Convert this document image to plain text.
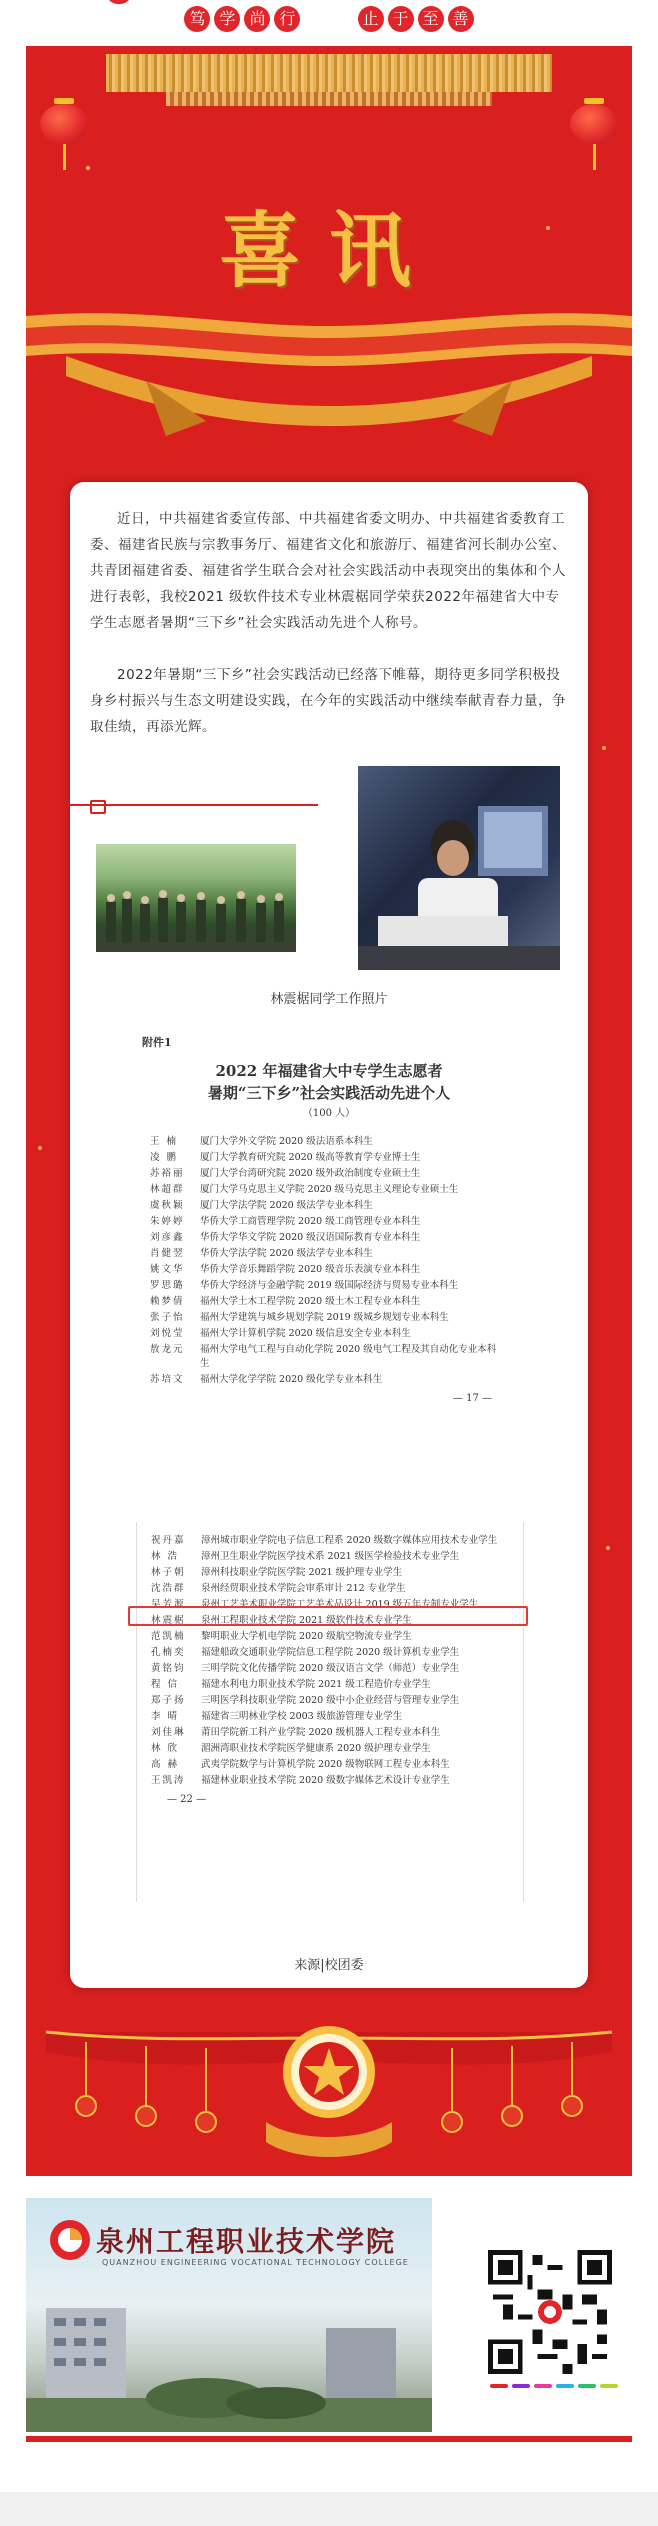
笃 学 尚 行	止 于 至 善
喜讯
近日，中共福建省委宣传部、中共福建省委文明办、中共福建省委教育工委、福建省民族与宗教事务厅、福建省文化和旅游厅、福建省河长制办公室、共青团福建省委、福建省学生联合会对社会实践活动中表现突出的集体和个人进行表彰，我校2021 级软件技术专业林震椐同学荣获2022年福建省大中专学生志愿者暑期“三下乡”社会实践活动先进个人称号。
2022年暑期“三下乡”社会实践活动已经落下帷幕，期待更多同学积极投身乡村振兴与生态文明建设实践，在今年的实践活动中继续奉献青春力量，争取佳绩，再添光辉。
林震椐同学工作照片
附件1
2022 年福建省大中专学生志愿者
暑期“三下乡”社会实践活动先进个人
（100 人）
王 楠	厦门大学外文学院 2020 级法语系本科生
凌 鹏	厦门大学教育研究院 2020 级高等教育学专业博士生
苏裕丽	厦门大学台湾研究院 2020 级外政治制度专业硕士生
林超群	厦门大学马克思主义学院 2020 级马克思主义理论专业硕士生
虞秋颖	厦门大学法学院 2020 级法学专业本科生
朱婷婷	华侨大学工商管理学院 2020 级工商管理专业本科生
刘彦鑫	华侨大学华文学院 2020 级汉语国际教育专业本科生
肖健翌	华侨大学法学院 2020 级法学专业本科生
姚文华	华侨大学音乐舞蹈学院 2020 级音乐表演专业本科生
罗思璐	华侨大学经济与金融学院 2019 级国际经济与贸易专业本科生
赖梦倩	福州大学土木工程学院 2020 级土木工程专业本科生
张子怡	福州大学建筑与城乡规划学院 2019 级城乡规划专业本科生
刘悦莹	福州大学计算机学院 2020 级信息安全专业本科生
敖龙元	福州大学电气工程与自动化学院 2020 级电气工程及其自动化专业本科生
苏培文	福州大学化学学院 2020 级化学专业本科生
— 17 —
祝丹嘉	漳州城市职业学院电子信息工程系 2020 级数字媒体应用技术专业学生
林 浩	漳州卫生职业学院医学技术系 2021 级医学检验技术专业学生
林子朝	漳州科技职业学院医学院 2021 级护理专业学生
沈浩群	泉州经贸职业技术学院会审系审计 212 专业学生
吴芳源	泉州工艺美术职业学院工艺美术品设计 2019 级五年专制专业学生
林震椐	泉州工程职业技术学院 2021 级软件技术专业学生
范凯楠	黎明职业大学机电学院 2020 级航空物流专业学生
孔楠奕	福建船政交通职业学院信息工程学院 2020 级计算机专业学生
黄铭钧	三明学院文化传播学院 2020 级汉语言文学（师范）专业学生
程 信	福建水利电力职业技术学院 2021 级工程造价专业学生
郑子扬	三明医学科技职业学院 2020 级中小企业经营与管理专业学生
李 晴	福建省三明林业学校 2003 级旅游管理专业学生
刘佳琳	莆田学院新工科产业学院 2020 级机器人工程专业本科生
林 欣	湄洲湾职业技术学院医学健康系 2020 级护理专业学生
高 赫	武夷学院数学与计算机学院 2020 级物联网工程专业本科生
王凯涛	福建林业职业技术学院 2020 级数字媒体艺术设计专业学生
— 22 —
来源|校团委
泉州工程职业技术学院
QUANZHOU ENGINEERING VOCATIONAL TECHNOLOGY COLLEGE
